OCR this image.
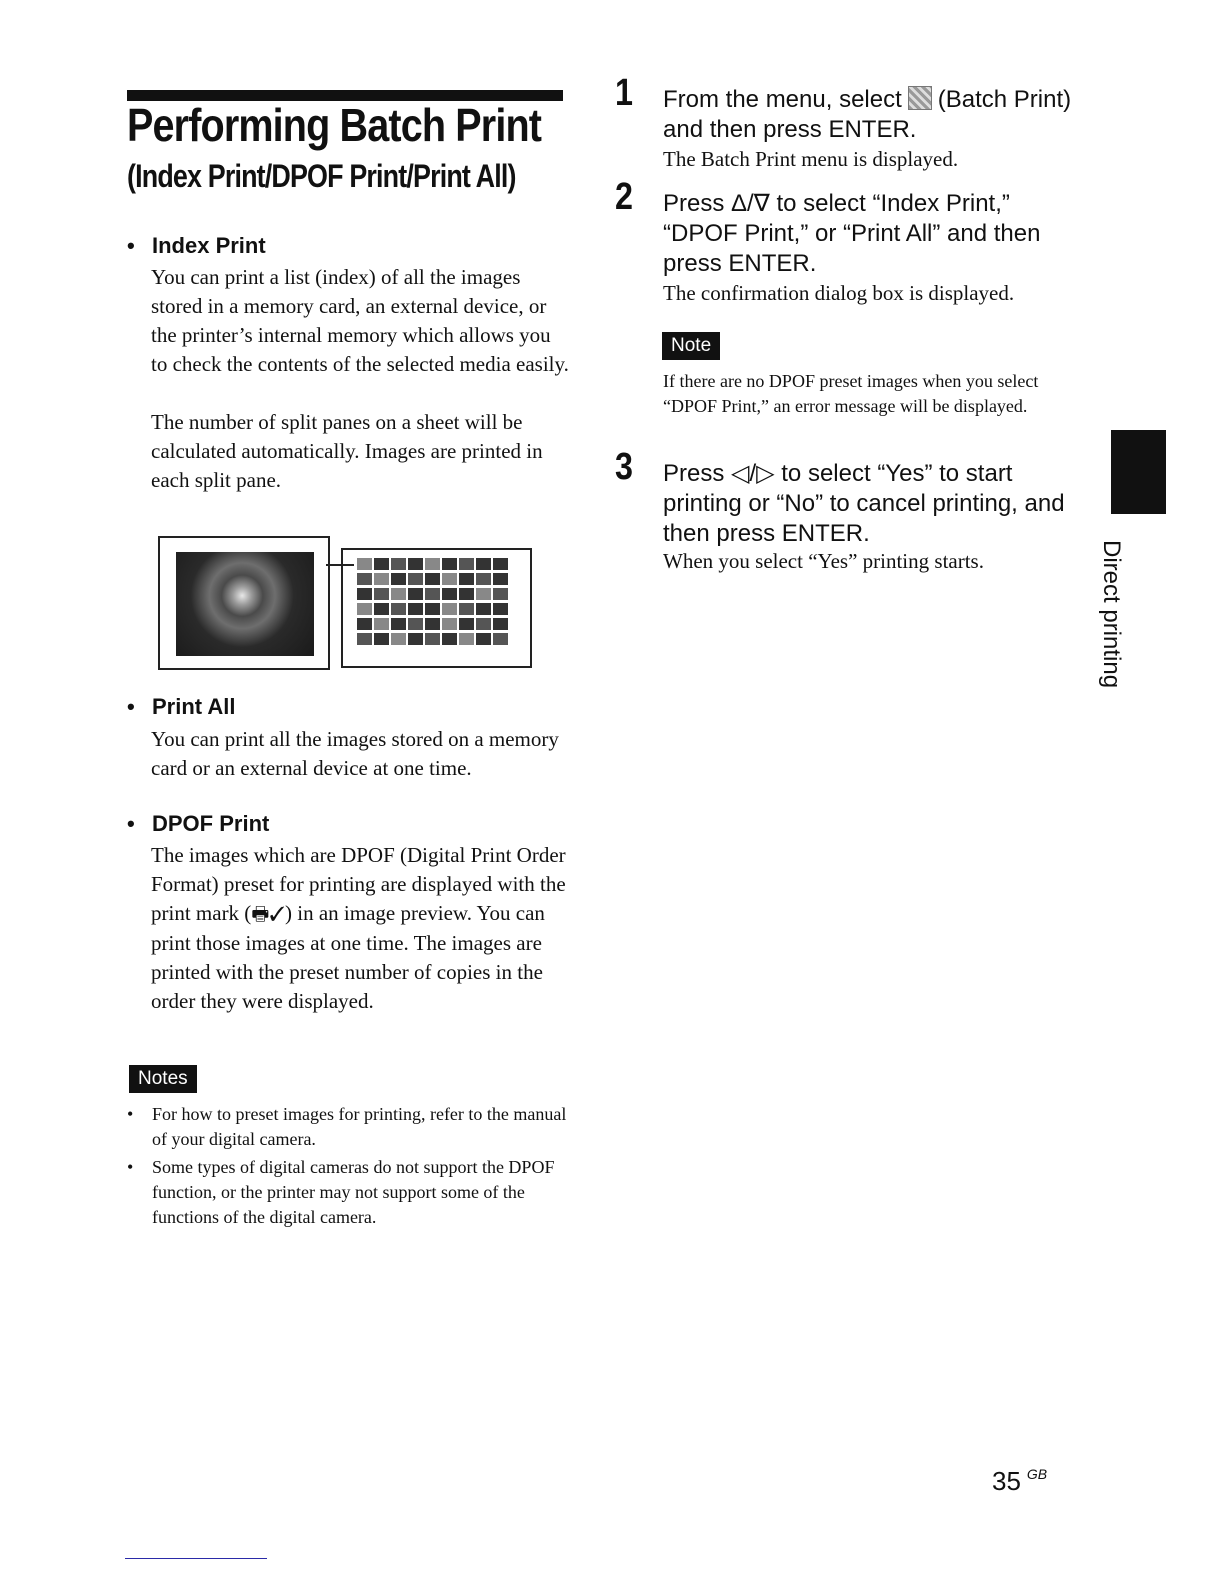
Performing Batch Print
(Index Print/DPOF Print/Print All)
• Index Print

You can print a list (index) of all the images stored in a memory card, an external device, or the printer’s internal memory which allows you to check the contents of the selected media easily.

The number of split panes on a sheet will be calculated automatically. Images are printed in each split pane.

• Print All

You can print all the images stored on a memory card or an external device at one time.

• DPOF Print

The images which are DPOF (Digital Print Order Format) preset for printing are displayed with the print mark (🖶✓) in an image preview. You can print those images at one time. The images are printed with the preset number of copies in the order they were displayed.

Notes
• For how to preset images for printing, refer to the manual of your digital camera.
• Some types of digital cameras do not support the DPOF function, or the printer may not support some of the functions of the digital camera.
1 From the menu, select (Batch Print) and then press ENTER.

The Batch Print menu is displayed.

2 Press Δ/∇ to select “Index Print,” “DPOF Print,” or “Print All” and then press ENTER.

The confirmation dialog box is displayed.

Note

If there are no DPOF preset images when you select “DPOF Print,” an error message will be displayed.

3 Press ◁/▷ to select “Yes” to start printing or “No” to cancel printing, and then press ENTER.

When you select “Yes” printing starts.	Direct printing
35 $^{GB}$
